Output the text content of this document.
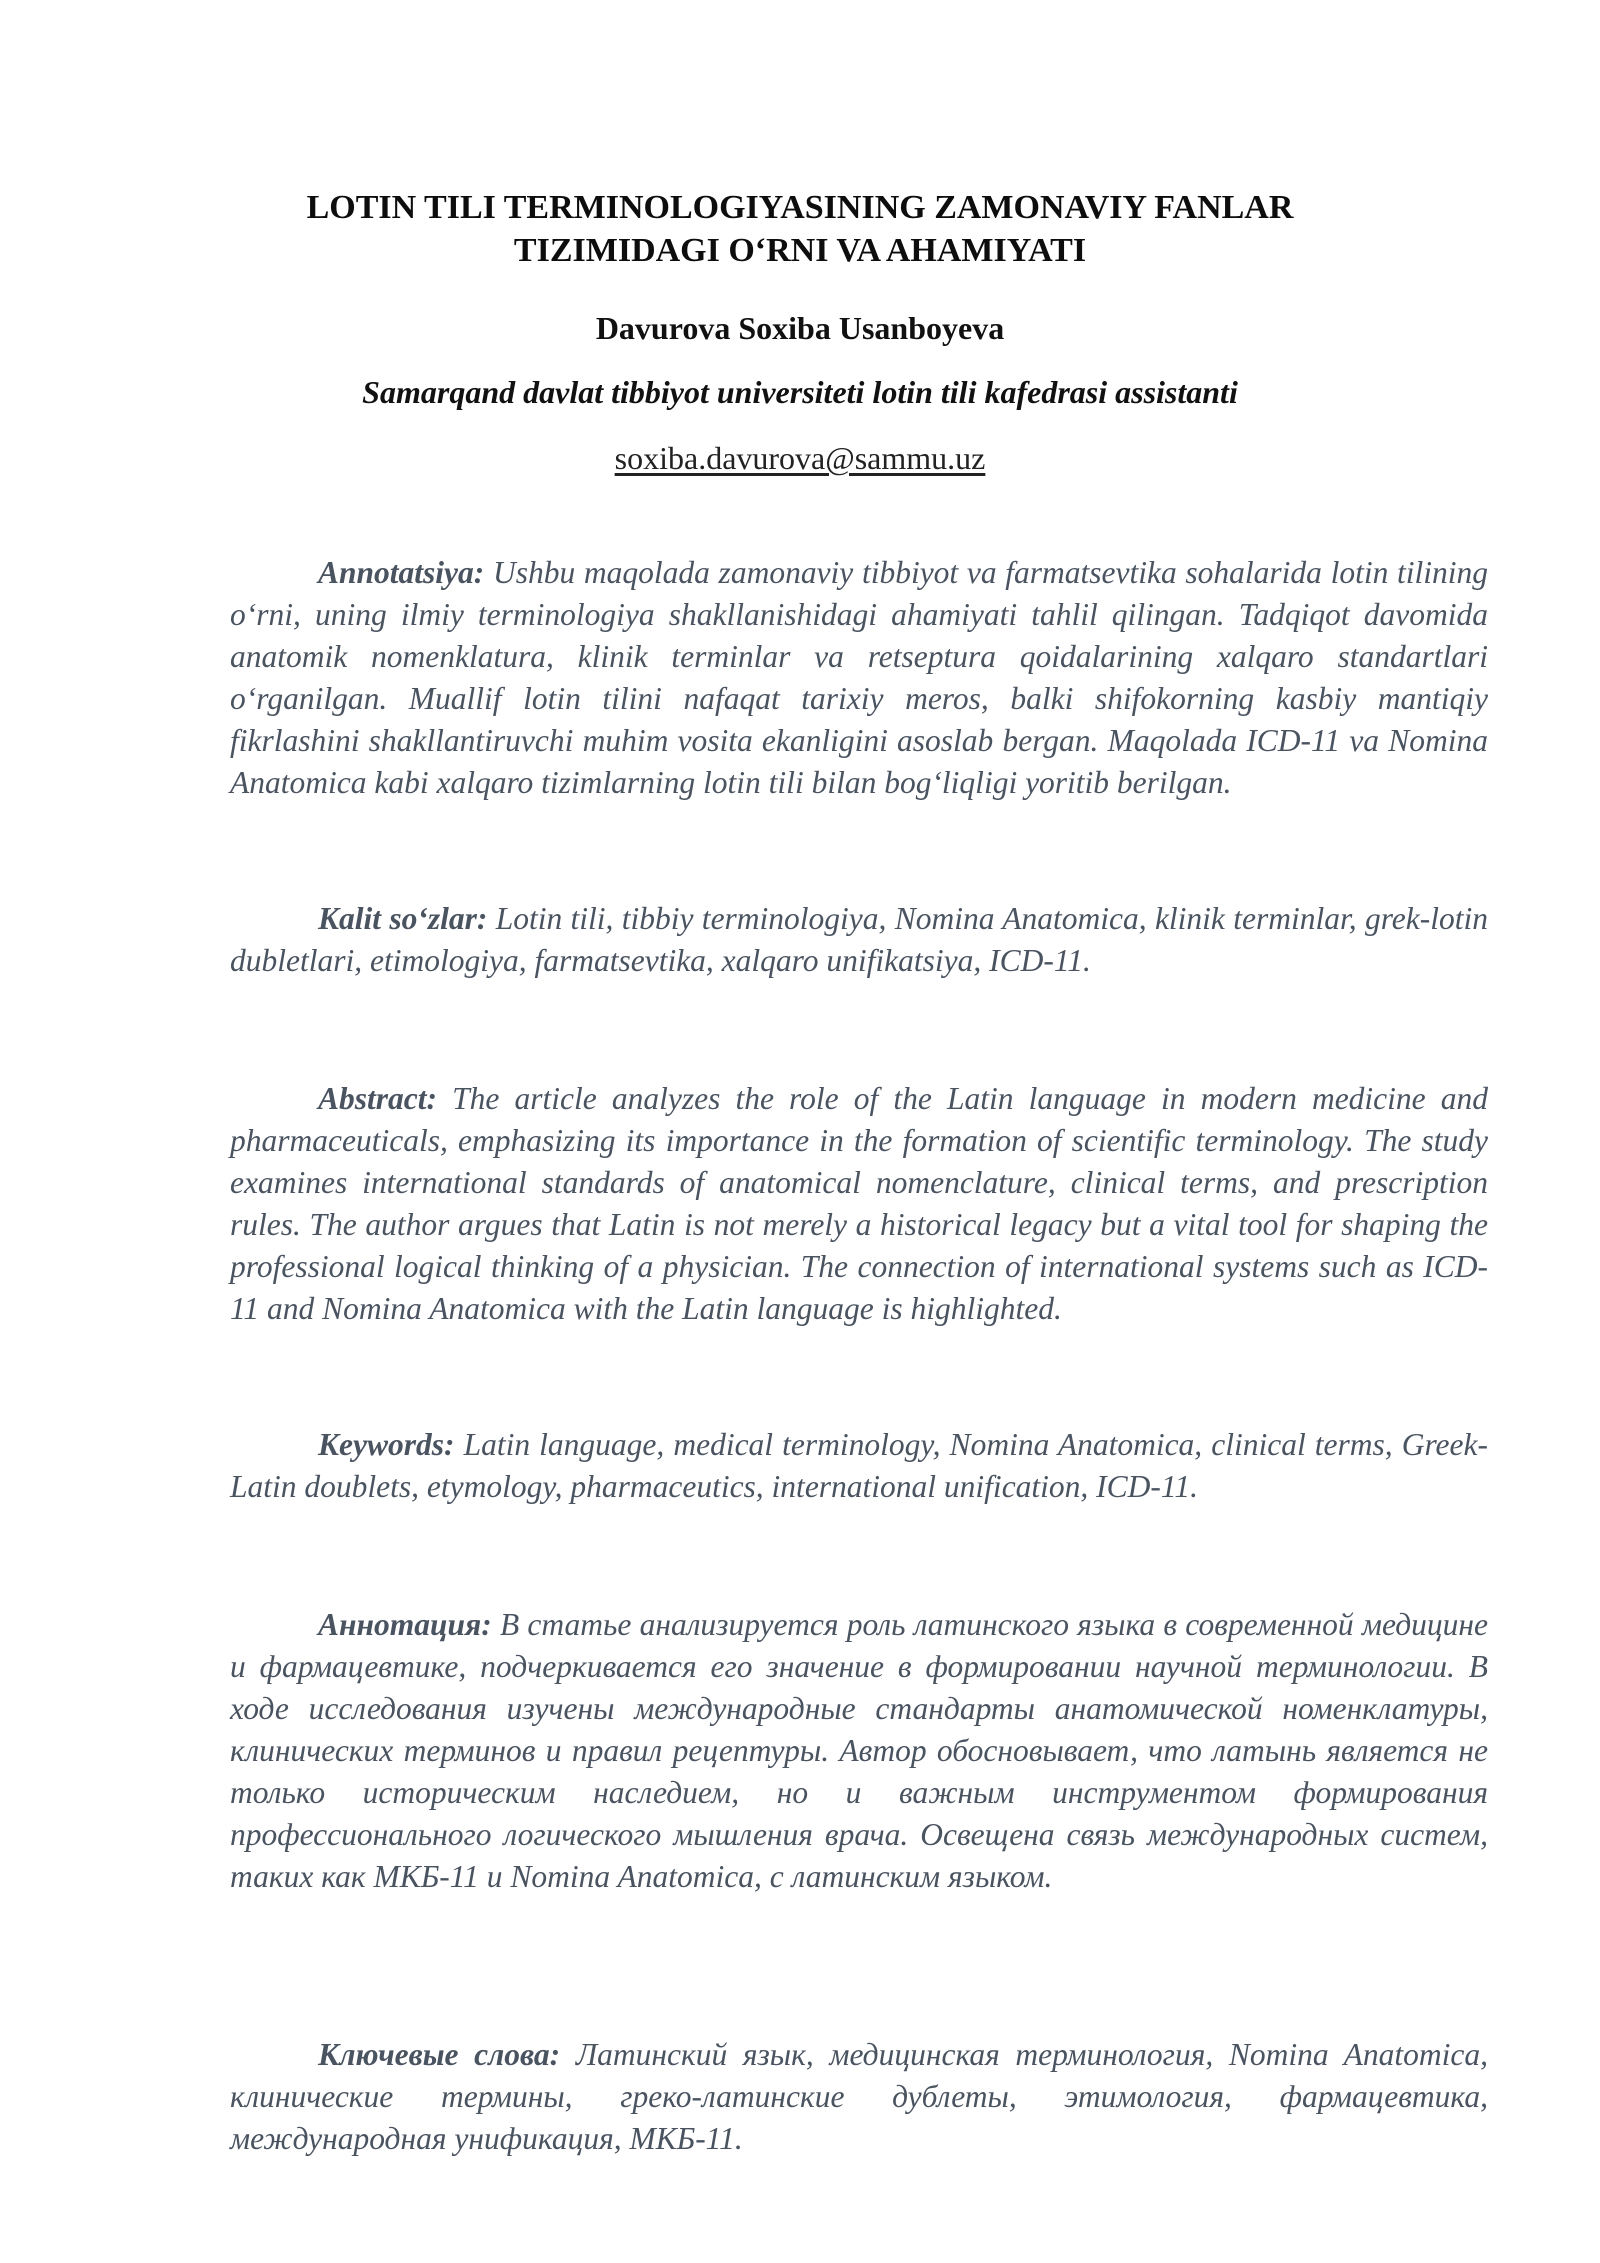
LOTIN TILI TERMINOLOGIYASINING ZAMONAVIY FANLAR
TIZIMIDAGI O‘RNI VA AHAMIYATI
Davurova Soxiba Usanboyeva
Samarqand davlat tibbiyot universiteti lotin tili kafedrasi assistanti
soxiba.davurova@sammu.uz

Annotatsiya: Ushbu maqolada zamonaviy tibbiyot va farmatsevtika sohalarida lotin tilining o‘rni, uning ilmiy terminologiya shakllanishidagi ahamiyati tahlil qilingan. Tadqiqot davomida anatomik nomenklatura, klinik terminlar va retseptura qoidalarining xalqaro standartlari o‘rganilgan. Muallif lotin tilini nafaqat tarixiy meros, balki shifokorning kasbiy mantiqiy fikrlashini shakllantiruvchi muhim vosita ekanligini asoslab bergan. Maqolada ICD-11 va Nomina Anatomica kabi xalqaro tizimlarning lotin tili bilan bog‘liqligi yoritib berilgan.

Kalit so‘zlar: Lotin tili, tibbiy terminologiya, Nomina Anatomica, klinik terminlar, grek-lotin dubletlari, etimologiya, farmatsevtika, xalqaro unifikatsiya, ICD-11.

Abstract: The article analyzes the role of the Latin language in modern medicine and pharmaceuticals, emphasizing its importance in the formation of scientific terminology. The study examines international standards of anatomical nomenclature, clinical terms, and prescription rules. The author argues that Latin is not merely a historical legacy but a vital tool for shaping the professional logical thinking of a physician. The connection of international systems such as ICD-11 and Nomina Anatomica with the Latin language is highlighted.

Keywords: Latin language, medical terminology, Nomina Anatomica, clinical terms, Greek-Latin doublets, etymology, pharmaceutics, international unification, ICD-11.

Аннотация: В статье анализируется роль латинского языка в современной медицине и фармацевтике, подчеркивается его значение в формировании научной терминологии. В ходе исследования изучены международные стандарты анатомической номенклатуры, клинических терминов и правил рецептуры. Автор обосновывает, что латынь является не только историческим наследием, но и важным инструментом формирования профессионального логического мышления врача. Освещена связь международных систем, таких как МКБ-11 и Nomina Anatomica, с латинским языком.

Ключевые слова: Латинский язык, медицинская терминология, Nomina Anatomica, клинические термины, греко-латинские дублеты, этимология, фармацевтика, международная унификация, МКБ-11.
